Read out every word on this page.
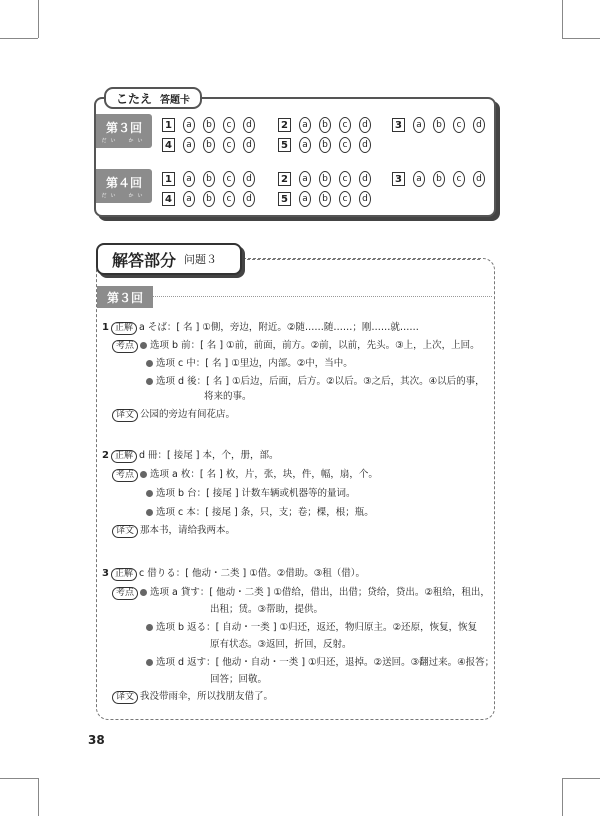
こたえ 答题卡
第３回
だい　かい
1	a	b	c	d	2	a	b	c	d	3	a	b	c	d
4	a	b	c	d	5	a	b	c	d
第４回
だい　かい
1	a	b	c	d	2	a	b	c	d	3	a	b	c	d
4	a	b	c	d	5	a	b	c	d
解答部分 问题３
第３回
1 正解 a そば：[ 名 ] ①側，旁边，附近。②随……随……；刚……就……
考点 选项 b 前：[ 名 ] ①前，前面，前方。②前，以前，先头。③上，上次，上回。
选项 c 中：[ 名 ] ①里边，内部。②中，当中。
选项 d 後：[ 名 ] ①后边，后面，后方。②以后。③之后，其次。④以后的事，
将来的事。
译文 公园的旁边有间花店。
2 正解 d 冊：[ 接尾 ] 本，个，册，部。
考点 选项 a 枚：[ 名 ] 枚，片，张，块，件，幅，扇，个。
选项 b 台：[ 接尾 ] 计数车辆或机器等的量词。
选项 c 本：[ 接尾 ] 条，只，支；卷；棵，根；瓶。
译文 那本书，请给我两本。
3 正解 c 借りる：[ 他动・二类 ] ①借。②借助。③租（借）。
考点 选项 a 貸す：[ 他动・二类 ] ①借给，借出，出借；贷给，贷出。②租给，租出，
出租；赁。③帮助，提供。
选项 b 返る：[ 自动・一类 ] ①归还，返还，物归原主。②还原，恢复，恢复
原有状态。③返回，折回，反射。
选项 d 返す：[ 他动・自动・一类 ] ①归还，退掉。②送回。③翻过来。④报答；
回答；回敬。
译文 我没带雨伞，所以找朋友借了。
38
